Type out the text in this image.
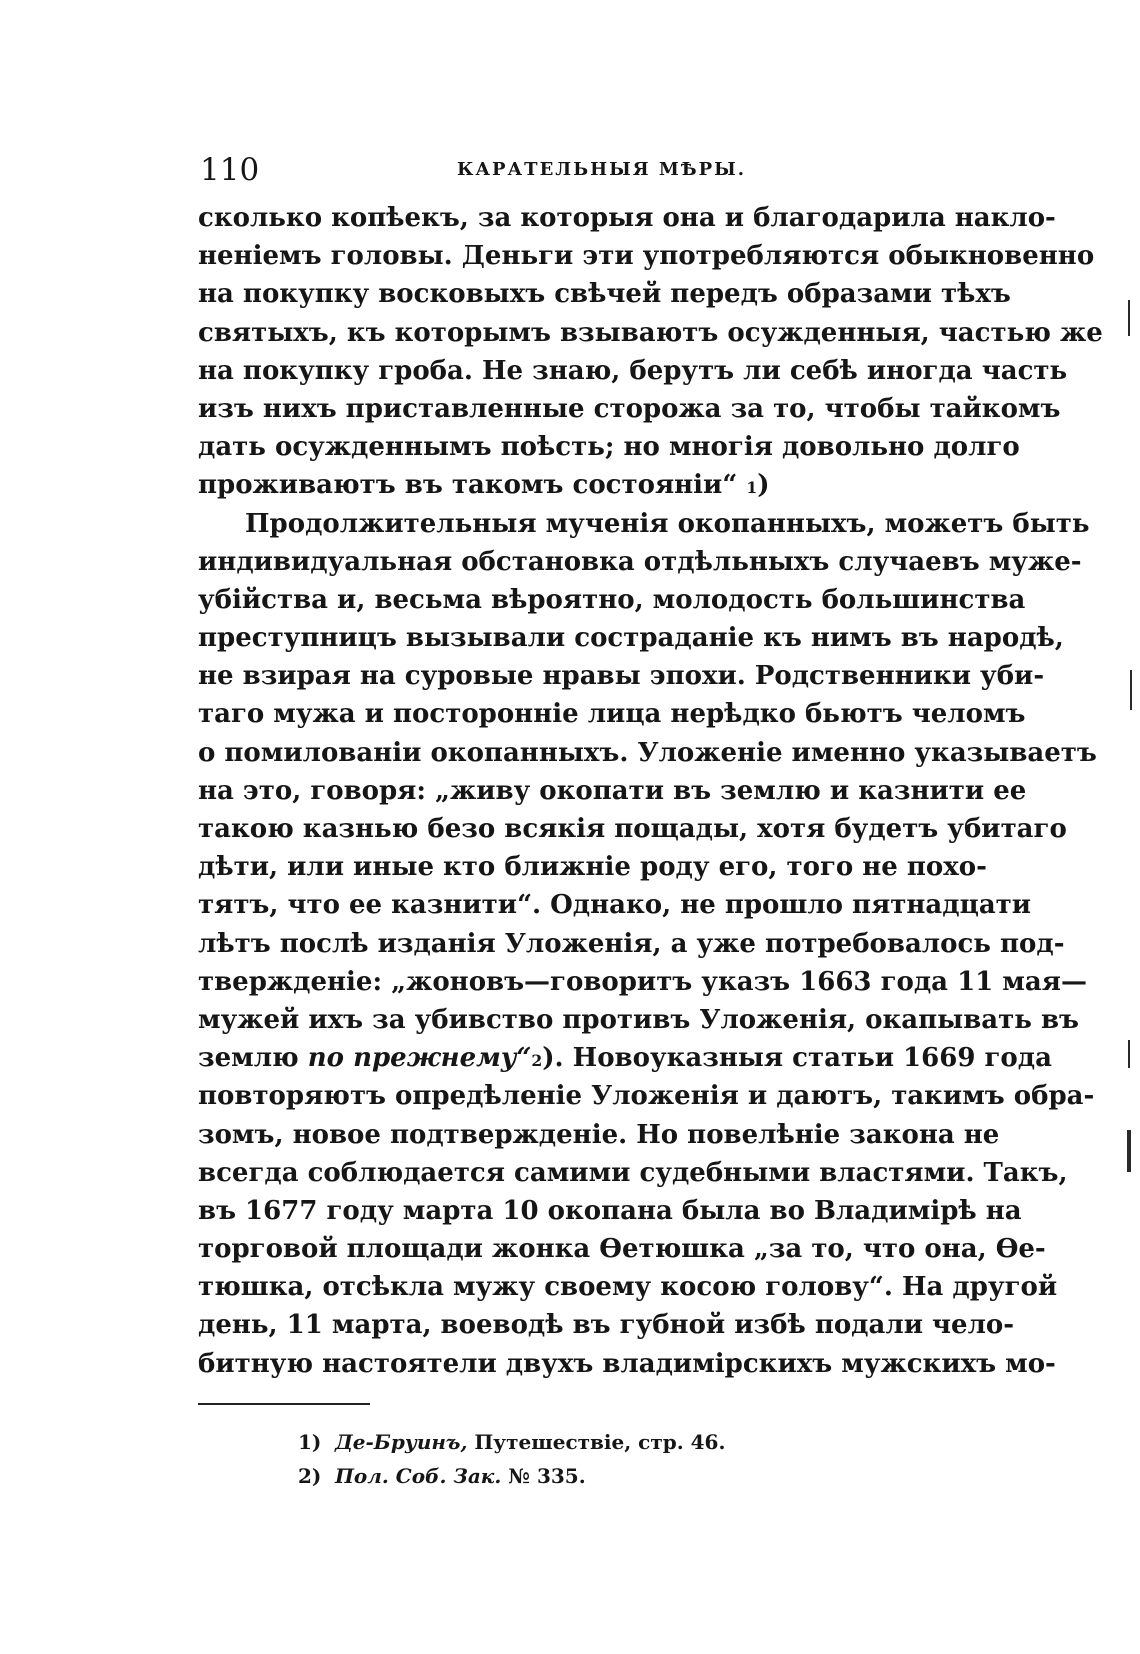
110	КАРАТЕЛЬНЫЯ МѢРЫ.
сколько копѣекъ, за которыя она и благодарила накло-
неніемъ головы. Деньги эти употребляются обыкновенно
на покупку восковыхъ свѣчей передъ образами тѣхъ
святыхъ, къ которымъ взываютъ осужденныя, частью же
на покупку гроба. Не знаю, берутъ ли себѣ иногда часть
изъ нихъ приставленные сторожа за то, чтобы тайкомъ
дать осужденнымъ поѣсть; но многія довольно долго
проживаютъ въ такомъ состояніи“ $^1$)
Продолжительныя мученія окопанныхъ, можетъ быть
индивидуальная обстановка отдѣльныхъ случаевъ муже-
убійства и, весьма вѣроятно, молодость большинства
преступницъ вызывали состраданіе къ нимъ въ народѣ,
не взирая на суровые нравы эпохи. Родственники уби-
таго мужа и посторонніе лица нерѣдко бьютъ челомъ
о помилованіи окопанныхъ. Уложеніе именно указываетъ
на это, говоря: „живу окопати въ землю и казнити ее
такою казнью безо всякія пощады, хотя будетъ убитаго
дѣти, или иные кто ближніе роду его, того не похо-
тятъ, что ее казнити“. Однако, не прошло пятнадцати
лѣтъ послѣ изданія Уложенія, а уже потребовалось под-
твержденіе: „жоновъ—говоритъ указъ 1663 года 11 мая—
мужей ихъ за убивство противъ Уложенія, окапывать въ
землю по прежнему“$^2$). Новоуказныя статьи 1669 года
повторяютъ опредѣленіе Уложенія и даютъ, такимъ обра-
зомъ, новое подтвержденіе. Но повелѣніе закона не
всегда соблюдается самими судебными властями. Такъ,
въ 1677 году марта 10 окопана была во Владимірѣ на
торговой площади жонка Өетюшка „за то, что она, Өе-
тюшка, отсѣкла мужу своему косою голову“. На другой
день, 11 марта, воеводѣ въ губной избѣ подали чело-
битную настоятели двухъ владимірскихъ мужскихъ мо-
1) Де-Бруинъ, Путешествіе, стр. 46.
2) Пол. Соб. Зак. № 335.
